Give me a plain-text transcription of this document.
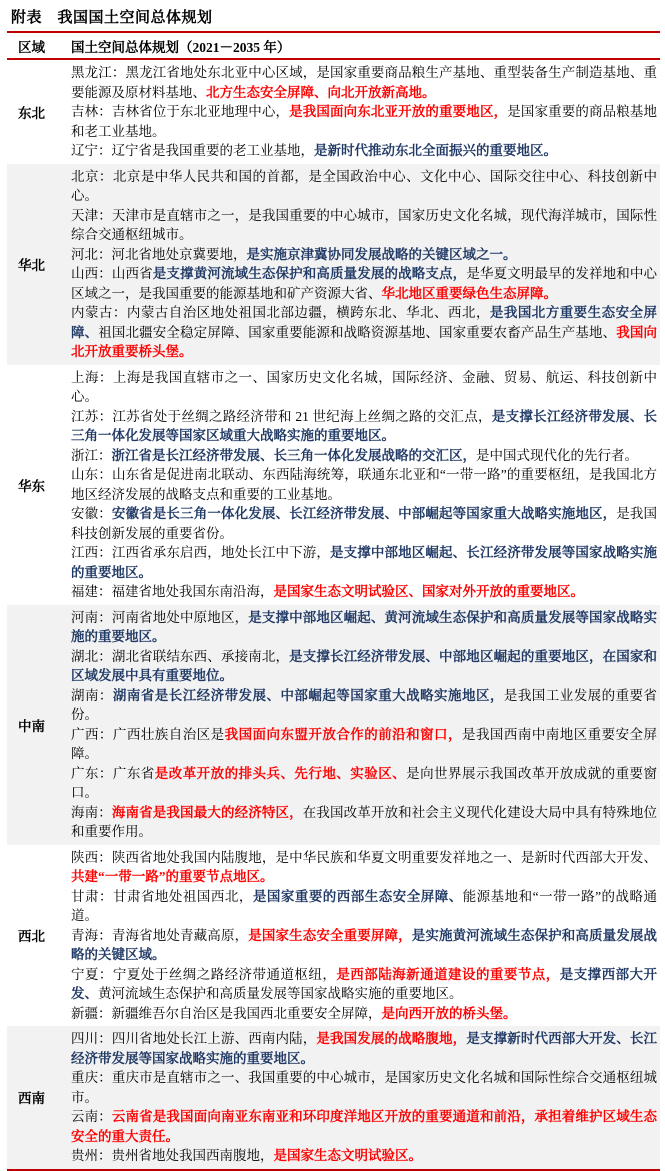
附表　我国国土空间总体规划
区域	国土空间总体规划（2021－2035 年）
东北

黑龙江：黑龙江省地处东北亚中心区域，是国家重要商品粮生产基地、重型装备生产制造基地、重要能源及原材料基地、北方生态安全屏障、向北开放新高地。

吉林：吉林省位于东北亚地理中心，是我国面向东北亚开放的重要地区，是国家重要的商品粮基地和老工业基地。

辽宁：辽宁省是我国重要的老工业基地，是新时代推动东北全面振兴的重要地区。

华北

北京：北京是中华人民共和国的首都，是全国政治中心、文化中心、国际交往中心、科技创新中心。

天津：天津市是直辖市之一，是我国重要的中心城市，国家历史文化名城，现代海洋城市，国际性综合交通枢纽城市。

河北：河北省地处京冀要地，是实施京津冀协同发展战略的关键区域之一。

山西：山西省是支撑黄河流域生态保护和高质量发展的战略支点，是华夏文明最早的发祥地和中心区域之一，是我国重要的能源基地和矿产资源大省、华北地区重要绿色生态屏障。

内蒙古：内蒙古自治区地处祖国北部边疆，横跨东北、华北、西北，是我国北方重要生态安全屏障、祖国北疆安全稳定屏障、国家重要能源和战略资源基地、国家重要农畜产品生产基地、我国向北开放重要桥头堡。

华东

上海：上海是我国直辖市之一、国家历史文化名城，国际经济、金融、贸易、航运、科技创新中心。

江苏：江苏省处于丝绸之路经济带和 21 世纪海上丝绸之路的交汇点，是支撑长江经济带发展、长三角一体化发展等国家区域重大战略实施的重要地区。

浙江：浙江省是长江经济带发展、长三角一体化发展战略的交汇区，是中国式现代化的先行者。

山东：山东省是促进南北联动、东西陆海统筹，联通东北亚和“一带一路”的重要枢纽，是我国北方地区经济发展的战略支点和重要的工业基地。

安徽：安徽省是长三角一体化发展、长江经济带发展、中部崛起等国家重大战略实施地区，是我国科技创新发展的重要省份。

江西：江西省承东启西，地处长江中下游，是支撑中部地区崛起、长江经济带发展等国家战略实施的重要地区。

福建：福建省地处我国东南沿海，是国家生态文明试验区、国家对外开放的重要地区。

中南

河南：河南省地处中原地区，是支撑中部地区崛起、黄河流域生态保护和高质量发展等国家战略实施的重要地区。

湖北：湖北省联结东西、承接南北，是支撑长江经济带发展、中部地区崛起的重要地区，在国家和区域发展中具有重要地位。

湖南：湖南省是长江经济带发展、中部崛起等国家重大战略实施地区，是我国工业发展的重要省份。

广西：广西壮族自治区是我国面向东盟开放合作的前沿和窗口，是我国西南中南地区重要安全屏障。

广东：广东省是改革开放的排头兵、先行地、实验区、是向世界展示我国改革开放成就的重要窗口。

海南：海南省是我国最大的经济特区，在我国改革开放和社会主义现代化建设大局中具有特殊地位和重要作用。

西北

陕西：陕西省地处我国内陆腹地，是中华民族和华夏文明重要发祥地之一、是新时代西部大开发、共建“一带一路”的重要节点地区。

甘肃：甘肃省地处祖国西北，是国家重要的西部生态安全屏障、能源基地和“一带一路”的战略通道。

青海：青海省地处青藏高原，是国家生态安全重要屏障，是实施黄河流域生态保护和高质量发展战略的关键区域。

宁夏：宁夏处于丝绸之路经济带通道枢纽，是西部陆海新通道建设的重要节点，是支撑西部大开发、黄河流域生态保护和高质量发展等国家战略实施的重要地区。

新疆：新疆维吾尔自治区是我国西北重要安全屏障，是向西开放的桥头堡。

西南

四川：四川省地处长江上游、西南内陆，是我国发展的战略腹地，是支撑新时代西部大开发、长江经济带发展等国家战略实施的重要地区。

重庆：重庆市是直辖市之一、我国重要的中心城市，是国家历史文化名城和国际性综合交通枢纽城市。

云南：云南省是我国面向南亚东南亚和环印度洋地区开放的重要通道和前沿，承担着维护区域生态安全的重大责任。

贵州：贵州省地处我国西南腹地，是国家生态文明试验区。
